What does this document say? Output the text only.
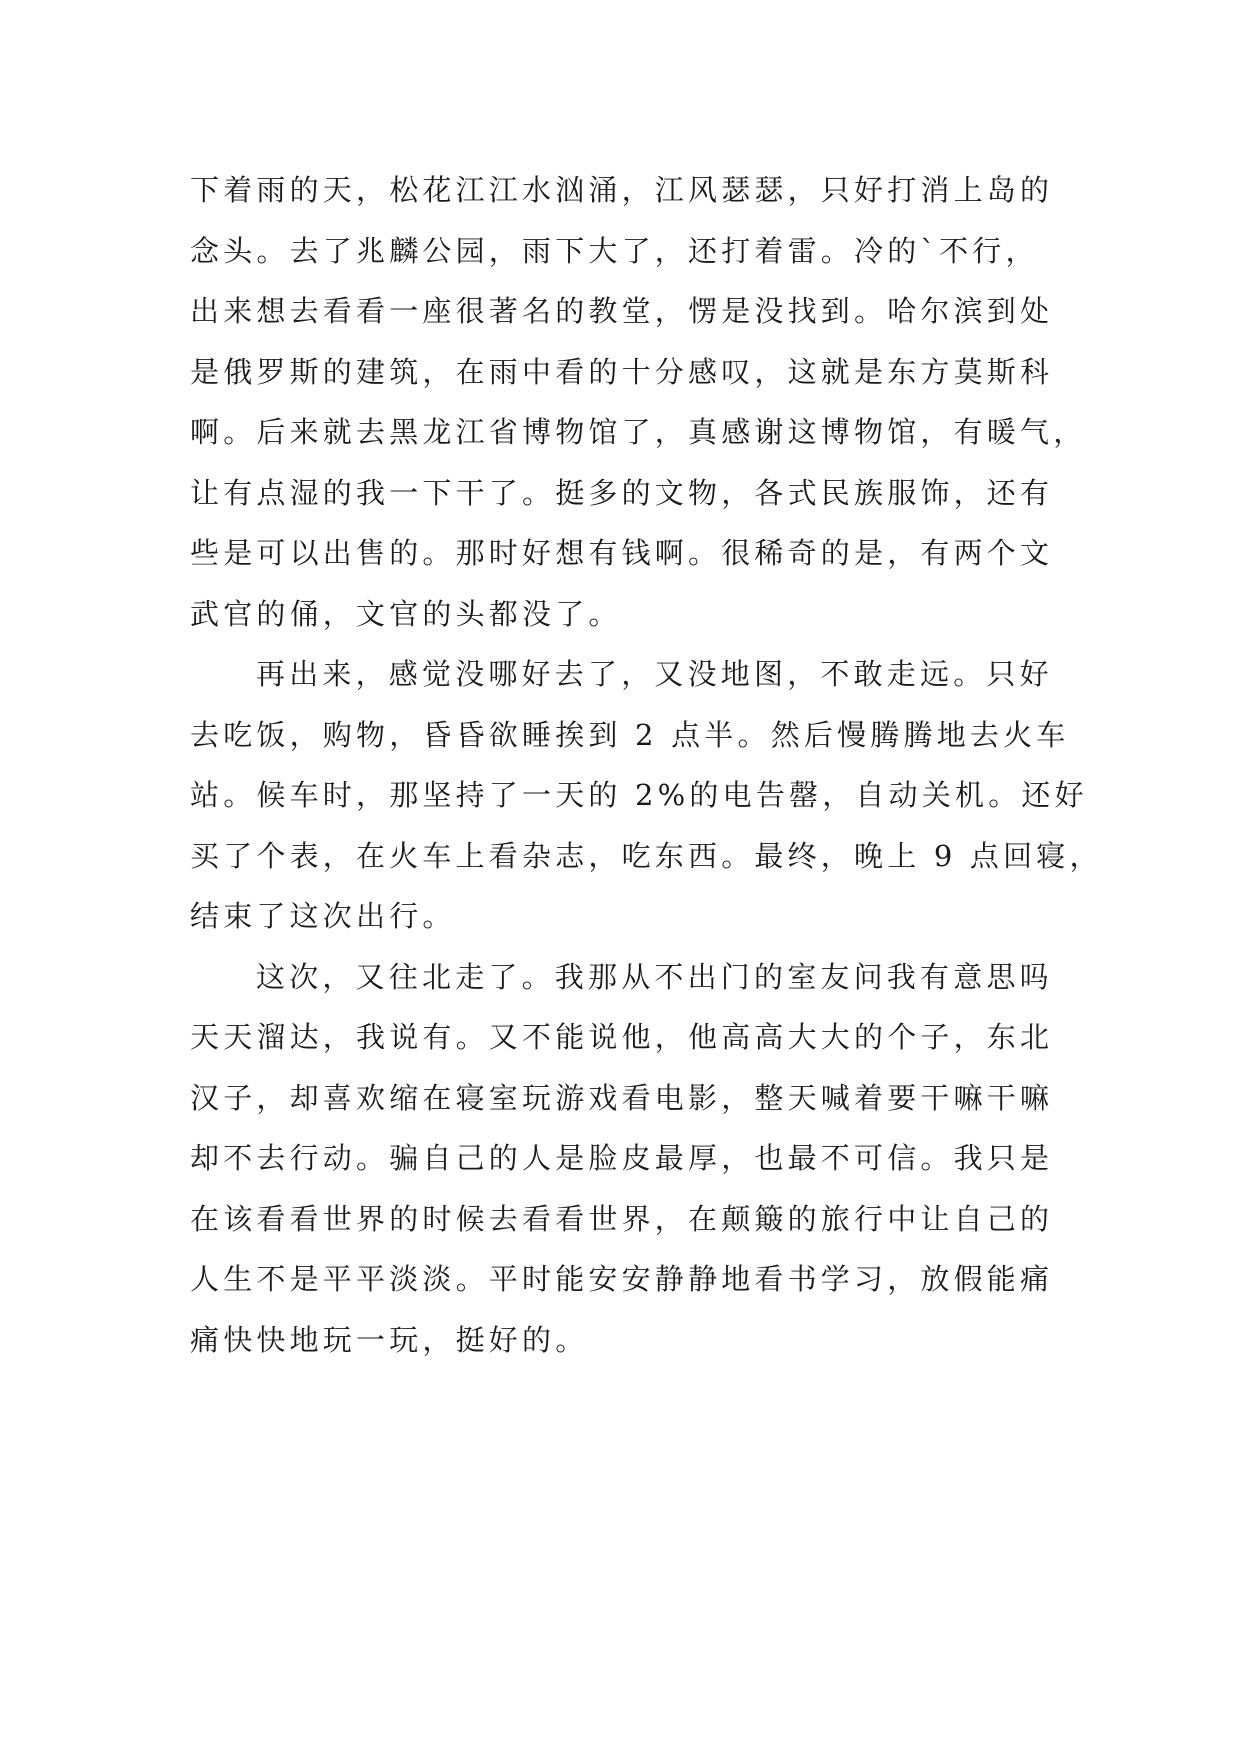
下着雨的天，松花江江水汹涌，江风瑟瑟，只好打消上岛的
念头。去了兆麟公园，雨下大了，还打着雷。冷的`不行，
出来想去看看一座很著名的教堂，愣是没找到。哈尔滨到处
是俄罗斯的建筑，在雨中看的十分感叹，这就是东方莫斯科
啊。后来就去黑龙江省博物馆了，真感谢这博物馆，有暖气，
让有点湿的我一下干了。挺多的文物，各式民族服饰，还有
些是可以出售的。那时好想有钱啊。很稀奇的是，有两个文
武官的俑，文官的头都没了。
再出来，感觉没哪好去了，又没地图，不敢走远。只好
去吃饭，购物，昏昏欲睡挨到 2 点半。然后慢腾腾地去火车
站。候车时，那坚持了一天的 2%的电告罄，自动关机。还好
买了个表，在火车上看杂志，吃东西。最终，晚上 9 点回寝，
结束了这次出行。
这次，又往北走了。我那从不出门的室友问我有意思吗
天天溜达，我说有。又不能说他，他高高大大的个子，东北
汉子，却喜欢缩在寝室玩游戏看电影，整天喊着要干嘛干嘛
却不去行动。骗自己的人是脸皮最厚，也最不可信。我只是
在该看看世界的时候去看看世界，在颠簸的旅行中让自己的
人生不是平平淡淡。平时能安安静静地看书学习，放假能痛
痛快快地玩一玩，挺好的。
